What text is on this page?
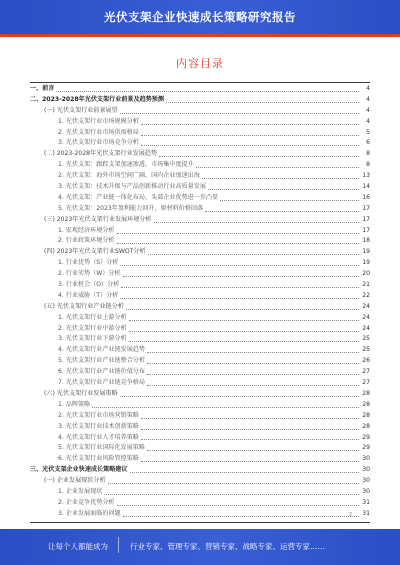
光伏支架企业快速成长策略研究报告
内容目录
一、前言	4
二、2023-2028年光伏支架行业前景及趋势预测	4
(一) 光伏支架行业前景展望	4
1. 光伏支架行业市场规模分析	4
2. 光伏支架行业市场供需格局	5
3. 光伏支架行业市场竞争分析	6
(二) 2023-2028年光伏支架行业发展趋势	8
1. 光伏支架：跟踪支架加速渗透，市场集中度提升	8
2. 光伏支架：海外市场空间广阔，国内企业加速出海	13
3. 光伏支架：技术升级与产品创新推动行业高质量发展	14
4. 光伏支架：产业链一体化布局，头部企业优势进一步凸显	16
5. 光伏支架：2023年盈利能力回升，原材料价格回落	17
(三) 2023年光伏支架行业发展环境分析	17
1. 宏观经济环境分析	17
2. 行业政策环境分析	18
(四) 2023年光伏支架行业SWOT分析	19
1. 行业优势（S）分析	19
2. 行业劣势（W）分析	20
3. 行业机会（O）分析	21
4. 行业威胁（T）分析	22
(五) 光伏支架行业产业链分析	24
1. 光伏支架行业上游分析	24
2. 光伏支架行业中游分析	24
3. 光伏支架行业下游分析	25
4. 光伏支架行业产业链发展趋势	25
5. 光伏支架行业产业链整合分析	26
6. 光伏支架行业产业链价值分布	27
7. 光伏支架行业产业链竞争格局	27
(六) 光伏支架行业发展策略	28
1. 品牌策略	28
2. 光伏支架行业市场营销策略	28
3. 光伏支架行业技术创新策略	28
4. 光伏支架行业人才培养策略	29
5. 光伏支架行业国际化发展策略	29
6. 光伏支架行业风险管控策略	30
三、光伏支架企业快速成长策略建议	30
(一) 企业发展现状分析	30
1. 企业发展现状	30
2. 企业竞争优势分析	31
3. 企业发展面临的问题	31
2
让每个人都能成为	行业专家、管理专家、营销专家、战略专家、运营专家……
